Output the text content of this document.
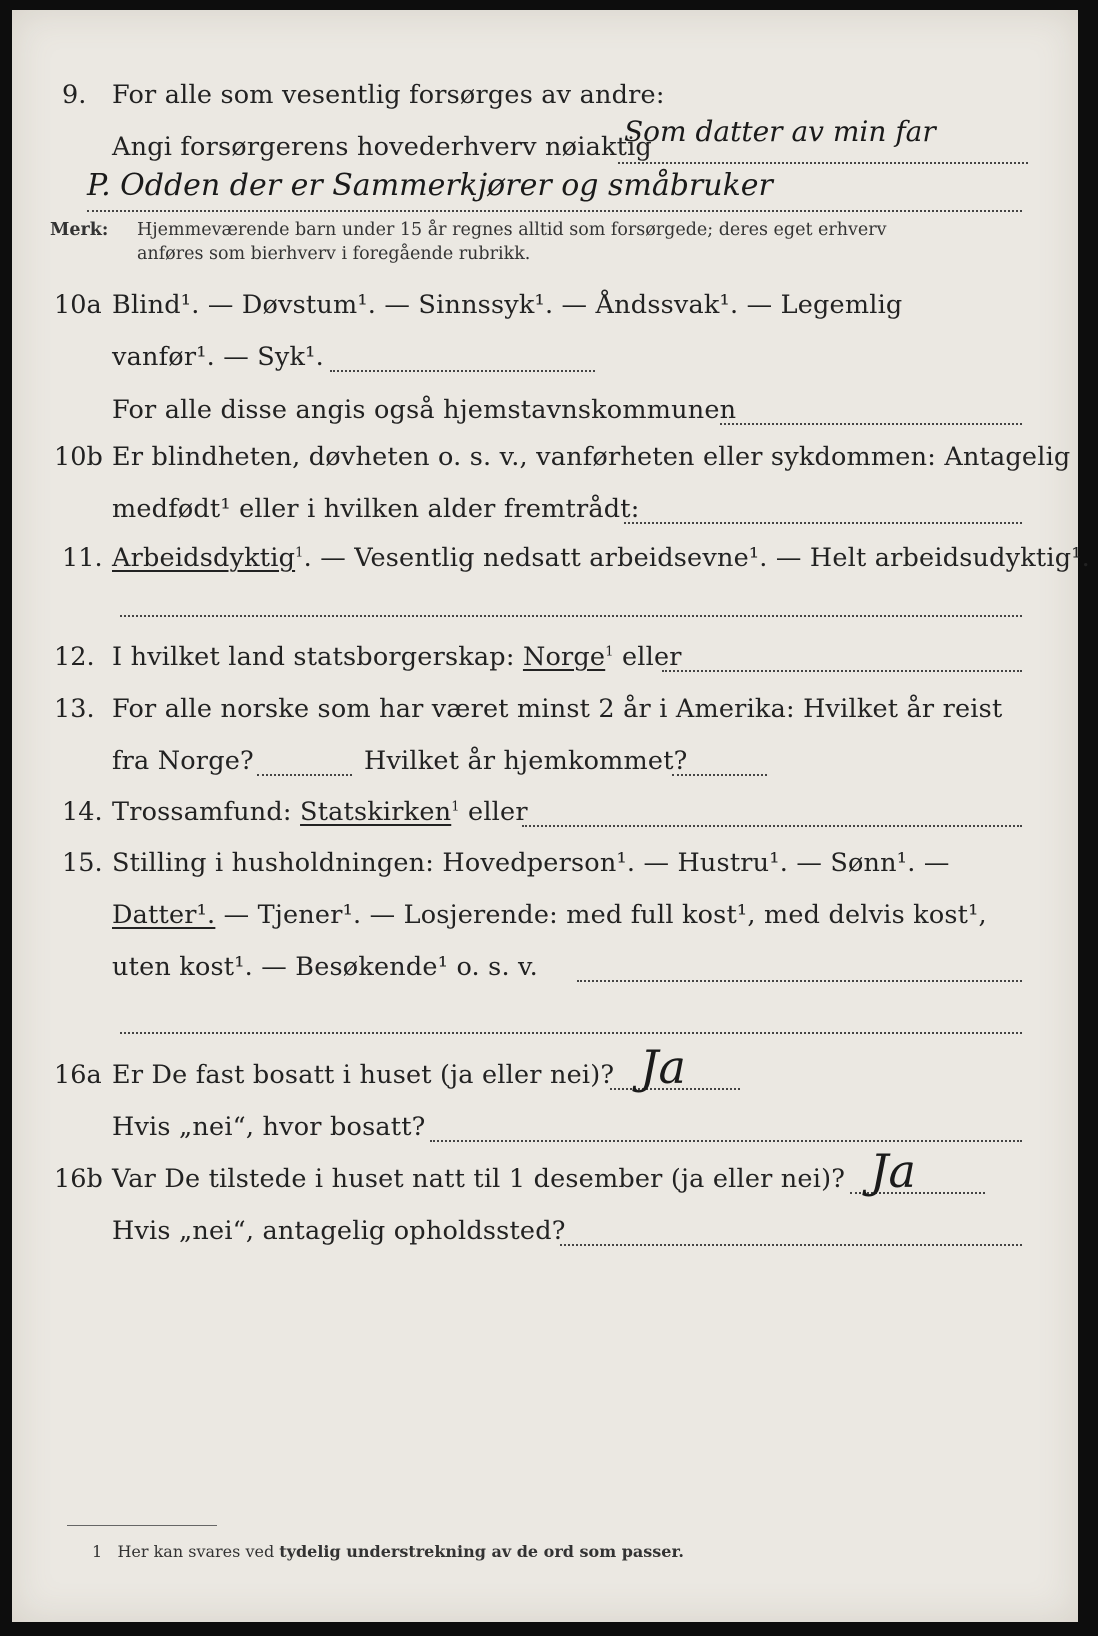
9. For alle som vesentlig forsørges av andre:
Angi forsørgerens hovederhverv nøiaktig
Som datter av min far
P. Odden der er Sammerkjører og småbruker
Merk: Hjemmeværende barn under 15 år regnes alltid som forsørgede; deres eget erhverv
anføres som bierhverv i foregående rubrikk.
10a Blind¹. — Døvstum¹. — Sinnssyk¹. — Åndssvak¹. — Legemlig
vanfør¹. — Syk¹.
For alle disse angis også hjemstavnskommunen
10b Er blindheten, døvheten o. s. v., vanførheten eller sykdommen: Antagelig
medfødt¹ eller i hvilken alder fremtrådt:
11. Arbeidsdyktig$^1$. — Vesentlig nedsatt arbeidsevne¹. — Helt arbeidsudyktig¹.
12. I hvilket land statsborgerskap: Norge$^1$ eller
13. For alle norske som har været minst 2 år i Amerika: Hvilket år reist
fra Norge?	Hvilket år hjemkommet?
14. Trossamfund: Statskirken$^1$ eller
15. Stilling i husholdningen: Hovedperson¹. — Hustru¹. — Sønn¹. —
Datter¹. — Tjener¹. — Losjerende: med full kost¹, med delvis kost¹,
uten kost¹. — Besøkende¹ o. s. v.
16a Er De fast bosatt i huset (ja eller nei)? Ja
Hvis „nei“, hvor bosatt?
16b Var De tilstede i huset natt til 1 desember (ja eller nei)? Ja
Hvis „nei“, antagelig opholdssted?
1 Her kan svares ved tydelig understrekning av de ord som passer.
